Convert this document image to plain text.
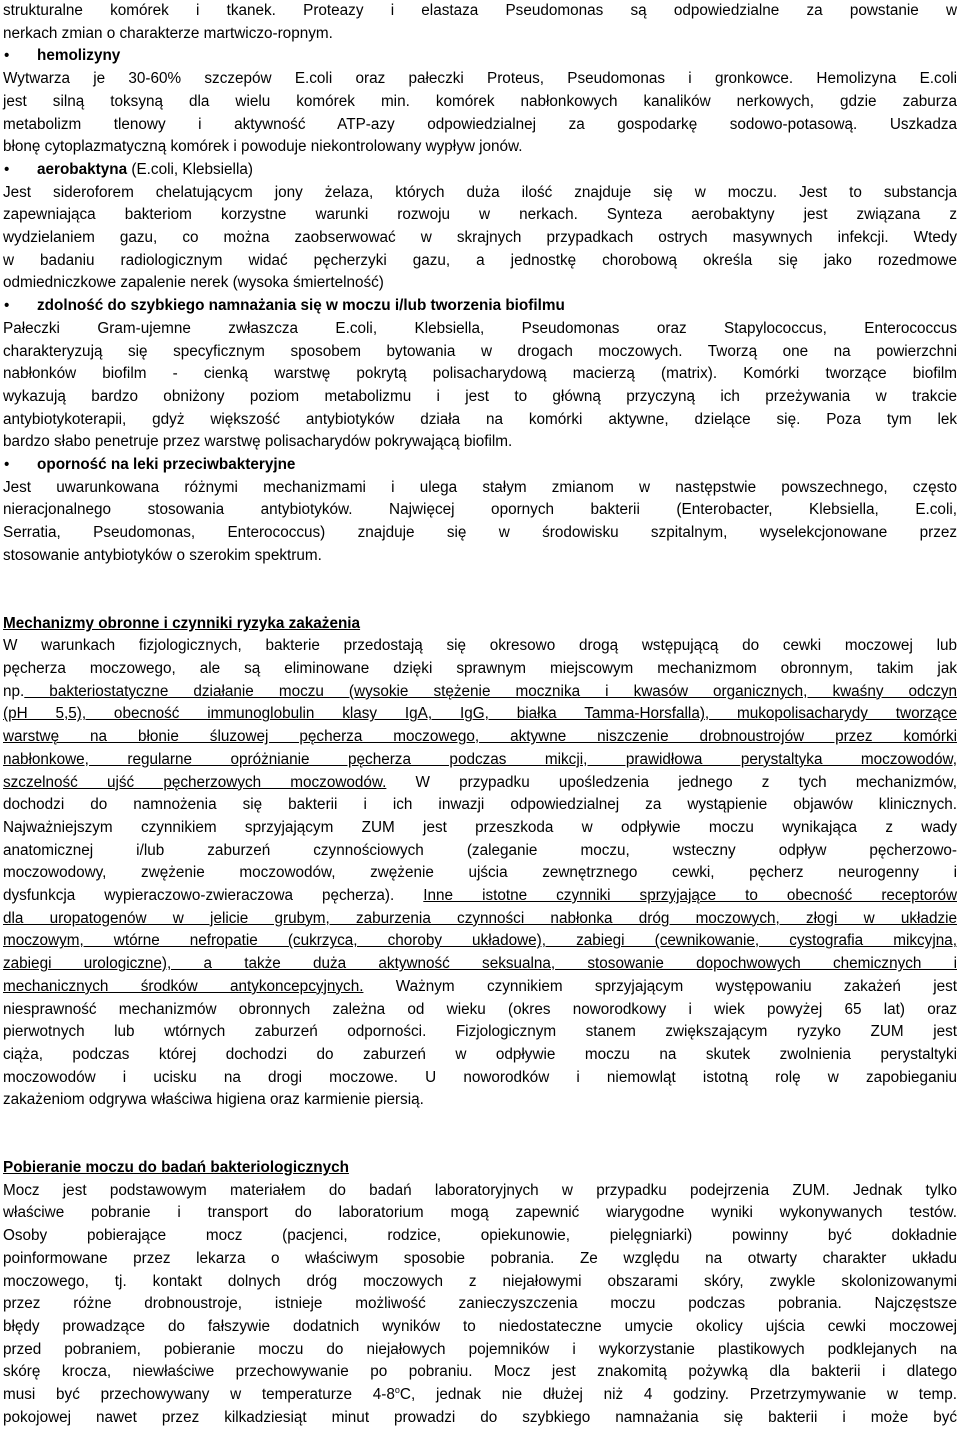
strukturalne komórek i tkanek. Proteazy i elastaza Pseudomonas są odpowiedzialne za powstanie w

nerkach zmian o charakterze martwiczo-ropnym.

•	hemolizyny

Wytwarza je 30-60% szczepów E.coli oraz pałeczki Proteus, Pseudomonas i gronkowce. Hemolizyna E.coli

jest silną toksyną dla wielu komórek min. komórek nabłonkowych kanalików nerkowych, gdzie zaburza

metabolizm tlenowy i aktywność ATP-azy odpowiedzialnej za gospodarkę sodowo-potasową. Uszkadza

błonę cytoplazmatyczną komórek i powoduje niekontrolowany wypływ jonów.

•	aerobaktyna (E.coli, Klebsiella)

Jest sideroforem chelatującycm jony żelaza, których duża ilość znajduje się w moczu. Jest to substancja

zapewniająca bakteriom korzystne warunki rozwoju w nerkach. Synteza aerobaktyny jest związana z

wydzielaniem gazu, co można zaobserwować w skrajnych przypadkach ostrych masywnych infekcji. Wtedy

w badaniu radiologicznym widać pęcherzyki gazu, a jednostkę chorobową określa się jako rozedmowe

odmiedniczkowe zapalenie nerek (wysoka śmiertelność)

•	zdolność do szybkiego namnażania się w moczu i/lub tworzenia biofilmu

Pałeczki Gram-ujemne zwłaszcza E.coli, Klebsiella, Pseudomonas oraz Stapylococcus, Enterococcus

charakteryzują się specyficznym sposobem bytowania w drogach moczowych. Tworzą one na powierzchni

nabłonków biofilm - cienką warstwę pokrytą polisacharydową macierzą (matrix). Komórki tworzące biofilm

wykazują bardzo obniżony poziom metabolizmu i jest to główną przyczyną ich przeżywania w trakcie

antybiotykoterapii, gdyż większość antybiotyków działa na komórki aktywne, dzielące się. Poza tym lek

bardzo słabo penetruje przez warstwę polisacharydów pokrywającą biofilm.

•	oporność na leki przeciwbakteryjne

Jest uwarunkowana różnymi mechanizmami i ulega stałym zmianom w następstwie powszechnego, często

nieracjonalnego stosowania antybiotyków. Najwięcej opornych bakterii (Enterobacter, Klebsiella, E.coli,

Serratia, Pseudomonas, Enterococcus) znajduje się w środowisku szpitalnym, wyselekcjonowane przez

stosowanie antybiotyków o szerokim spektrum.

Mechanizmy obronne i czynniki ryzyka zakażenia

W warunkach fizjologicznych, bakterie przedostają się okresowo drogą wstępującą do cewki moczowej lub

pęcherza moczowego, ale są eliminowane dzięki sprawnym miejscowym mechanizmom obronnym, takim jak

np. bakteriostatyczne działanie moczu (wysokie stężenie mocznika i kwasów organicznych, kwaśny odczyn

(pH 5,5), obecność immunoglobulin klasy IgA, IgG, białka Tamma-Horsfalla), mukopolisacharydy tworzące

warstwę na błonie śluzowej pęcherza moczowego, aktywne niszczenie drobnoustrojów przez komórki

nabłonkowe, regularne opróżnianie pęcherza podczas mikcji, prawidłowa perystaltyka moczowodów,

szczelność ujść pęcherzowych moczowodów. W przypadku upośledzenia jednego z tych mechanizmów,

dochodzi do namnożenia się bakterii i ich inwazji odpowiedzialnej za wystąpienie objawów klinicznych.

Najważniejszym czynnikiem sprzyjającym ZUM jest przeszkoda w odpływie moczu wynikająca z wady

anatomicznej i/lub zaburzeń czynnościowych (zaleganie moczu, wsteczny odpływ pęcherzowo-

moczowodowy, zwężenie moczowodów, zwężenie ujścia zewnętrznego cewki, pęcherz neurogenny i

dysfunkcja wypieraczowo-zwieraczowa pęcherza). Inne istotne czynniki sprzyjające to obecność receptorów

dla uropatogenów w jelicie grubym, zaburzenia czynności nabłonka dróg moczowych, złogi w układzie

moczowym, wtórne nefropatie (cukrzyca, choroby układowe), zabiegi (cewnikowanie, cystografia mikcyjna,

zabiegi urologiczne), a także duża aktywność seksualna, stosowanie dopochwowych chemicznych i

mechanicznych środków antykoncepcyjnych. Ważnym czynnikiem sprzyjającym występowaniu zakażeń jest

niesprawność mechanizmów obronnych zależna od wieku (okres noworodkowy i wiek powyżej 65 lat) oraz

pierwotnych lub wtórnych zaburzeń odporności. Fizjologicznym stanem zwiększającym ryzyko ZUM jest

ciąża, podczas której dochodzi do zaburzeń w odpływie moczu na skutek zwolnienia perystaltyki

moczowodów i ucisku na drogi moczowe. U noworodków i niemowląt istotną rolę w zapobieganiu

zakażeniom odgrywa właściwa higiena oraz karmienie piersią.

Pobieranie moczu do badań bakteriologicznych

Mocz jest podstawowym materiałem do badań laboratoryjnych w przypadku podejrzenia ZUM. Jednak tylko

właściwe pobranie i transport do laboratorium mogą zapewnić wiarygodne wyniki wykonywanych testów.

Osoby pobierające mocz (pacjenci, rodzice, opiekunowie, pielęgniarki) powinny być dokładnie

poinformowane przez lekarza o właściwym sposobie pobrania. Ze względu na otwarty charakter układu

moczowego, tj. kontakt dolnych dróg moczowych z niejałowymi obszarami skóry, zwykle skolonizowanymi

przez różne drobnoustroje, istnieje możliwość zanieczyszczenia moczu podczas pobrania. Najczęstsze

błędy prowadzące do fałszywie dodatnich wyników to niedostateczne umycie okolicy ujścia cewki moczowej

przed pobraniem, pobieranie moczu do niejałowych pojemników i wykorzystanie plastikowych podklejanych na

skórę krocza, niewłaściwe przechowywanie po pobraniu. Mocz jest znakomitą pożywką dla bakterii i dlatego

musi być przechowywany w temperaturze 4-8$^o$C, jednak nie dłużej niż 4 godziny. Przetrzymywanie w temp.

pokojowej nawet przez kilkadziesiąt minut prowadzi do szybkiego namnażania się bakterii i może być
